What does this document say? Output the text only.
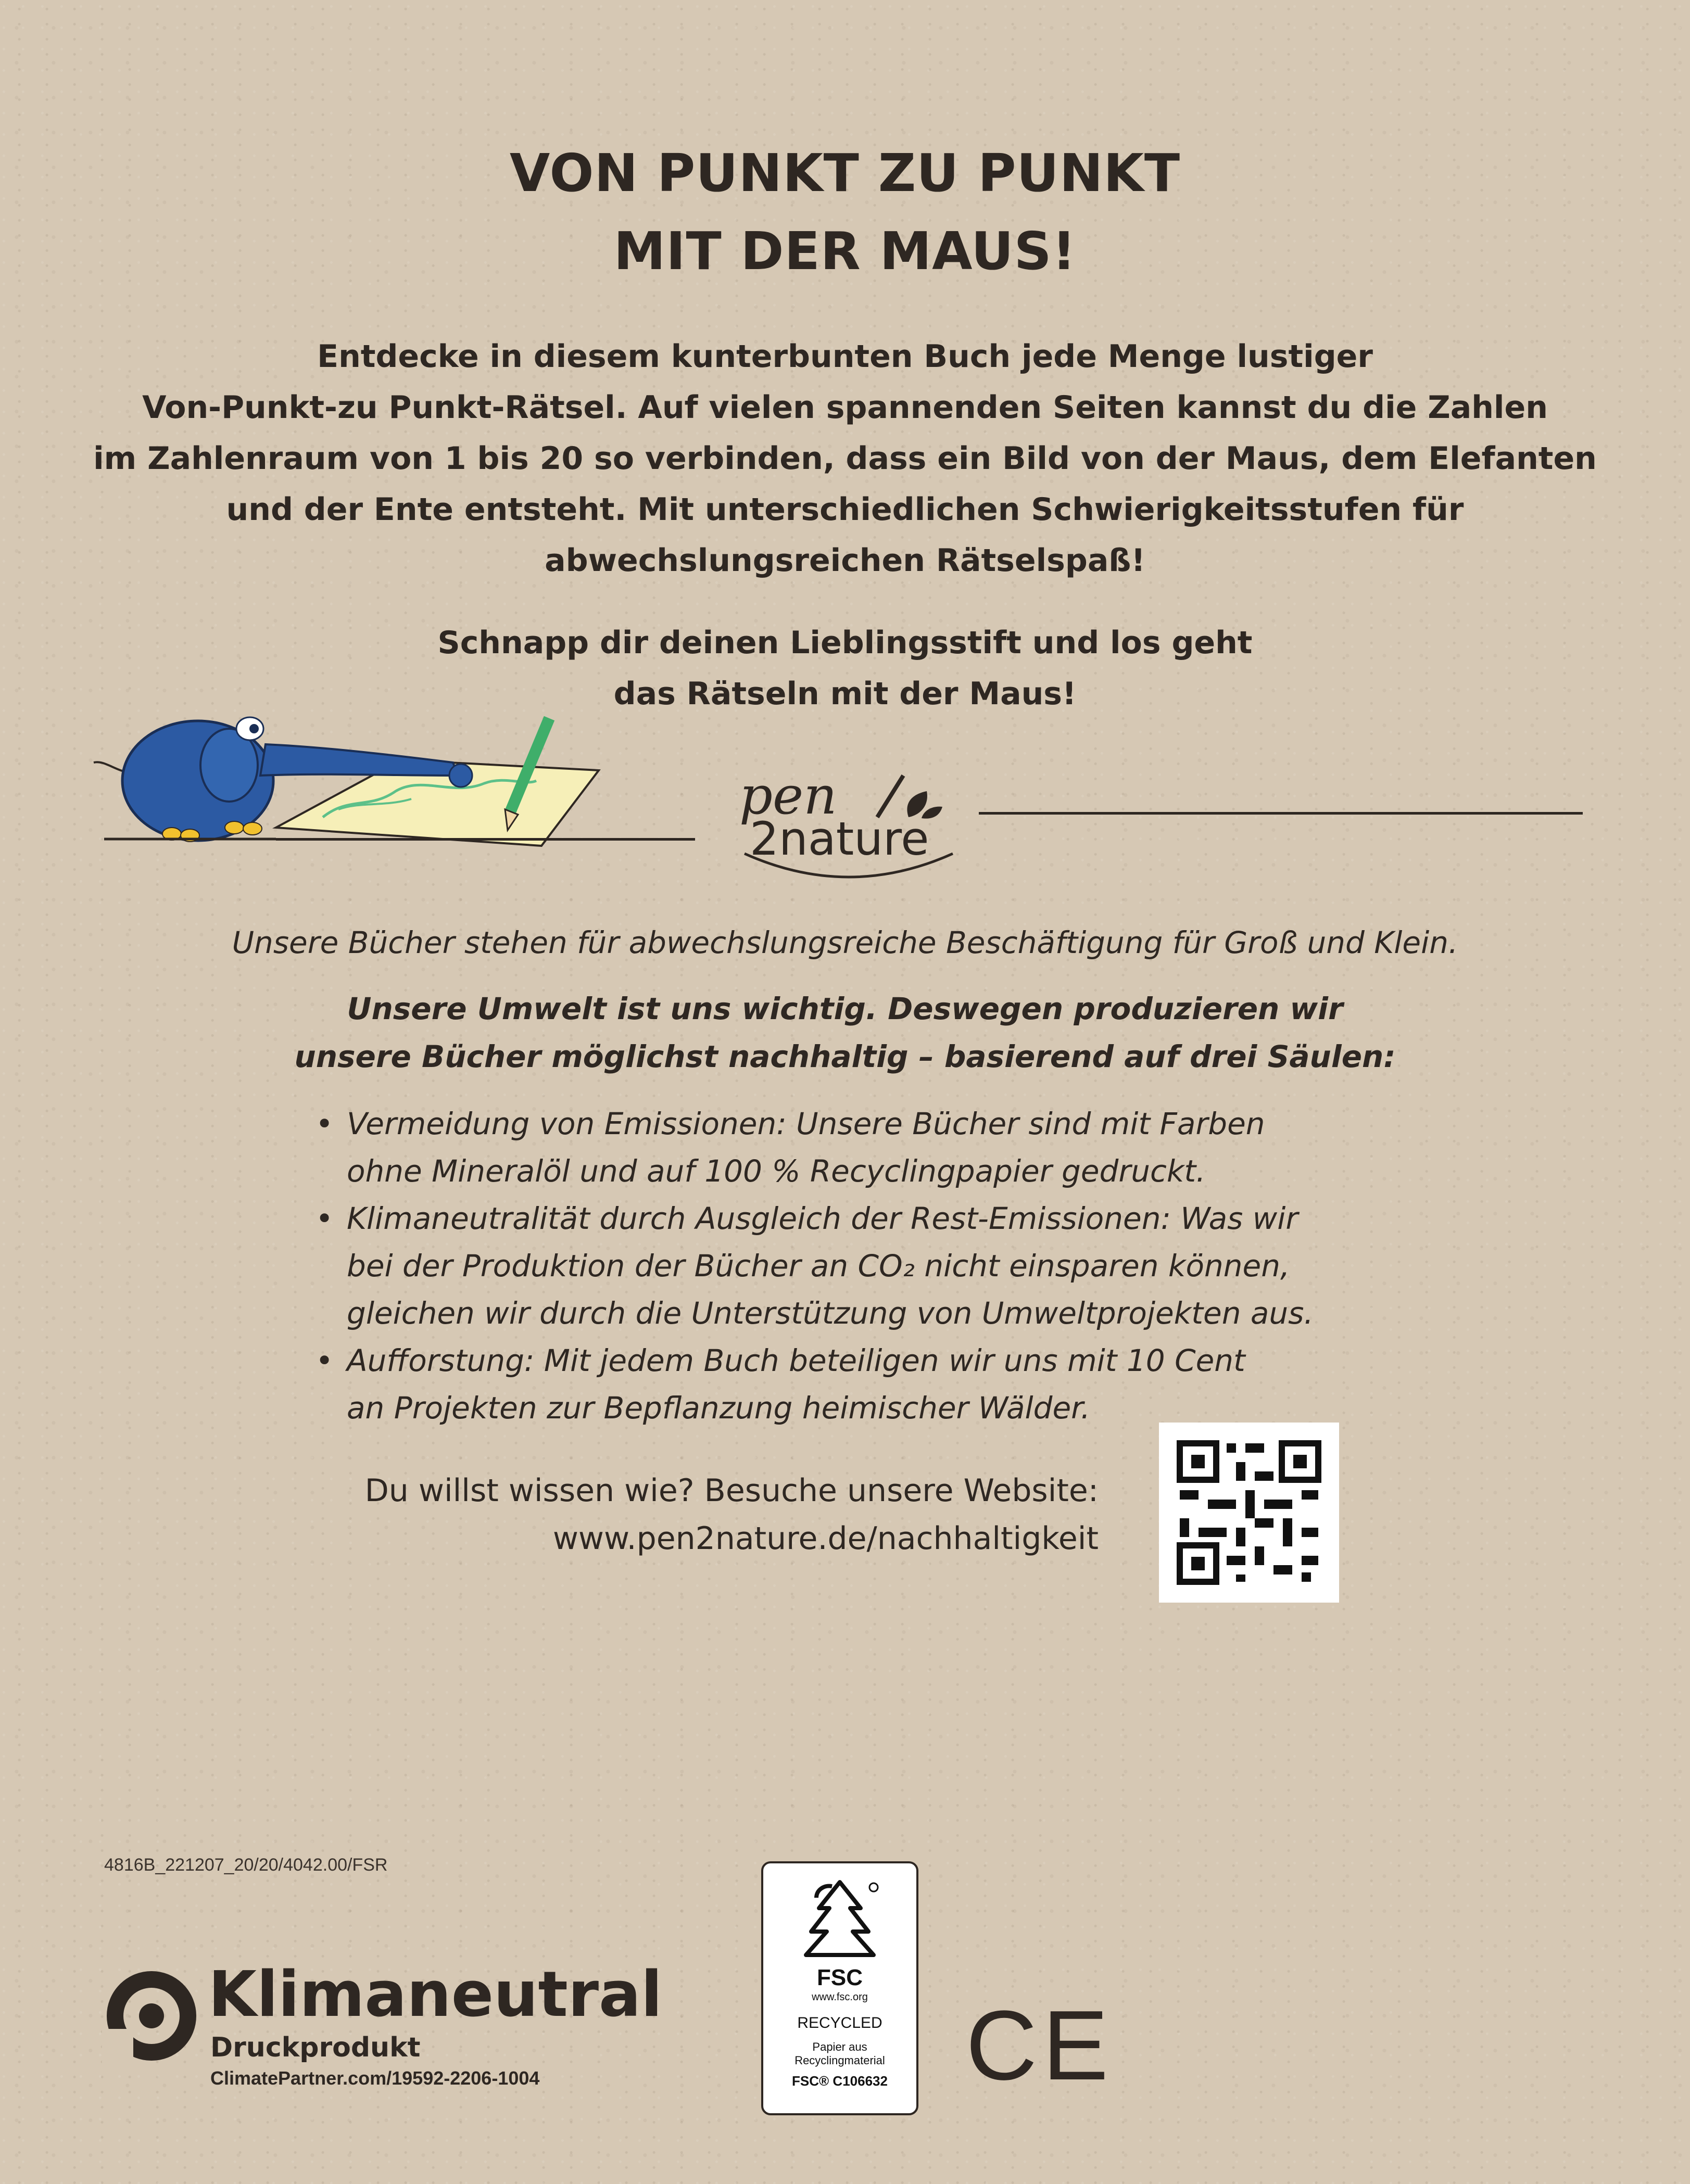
VON PUNKT ZU PUNKT
MIT DER MAUS!
Entdecke in diesem kunterbunten Buch jede Menge lustiger
Von-Punkt-zu Punkt-Rätsel. Auf vielen spannenden Seiten kannst du die Zahlen
im Zahlenraum von 1 bis 20 so verbinden, dass ein Bild von der Maus, dem Elefanten
und der Ente entsteht. Mit unterschiedlichen Schwierigkeitsstufen für
abwechslungsreichen Rätselspaß!
Schnapp dir deinen Lieblingsstift und los geht
das Rätseln mit der Maus!
pen
2nature
Unsere Bücher stehen für abwechslungsreiche Beschäftigung für Groß und Klein.
Unsere Umwelt ist uns wichtig. Deswegen produzieren wir
unsere Bücher möglichst nachhaltig – basierend auf drei Säulen:
• Vermeidung von Emissionen: Unsere Bücher sind mit Farben
ohne Mineralöl und auf 100 % Recyclingpapier gedruckt.
• Klimaneutralität durch Ausgleich der Rest-Emissionen: Was wir
bei der Produktion der Bücher an CO₂ nicht einsparen können,
gleichen wir durch die Unterstützung von Umweltprojekten aus.
• Aufforstung: Mit jedem Buch beteiligen wir uns mit 10 Cent
an Projekten zur Bepflanzung heimischer Wälder.
Du willst wissen wie? Besuche unsere Website:
www.pen2nature.de/nachhaltigkeit
4816B_221207_20/20/4042.00/FSR
Klimaneutral
Druckprodukt
ClimatePartner.com/19592-2206-1004
FSC
www.fsc.org
RECYCLED
Papier aus
Recyclingmaterial
FSC® C106632 CE
